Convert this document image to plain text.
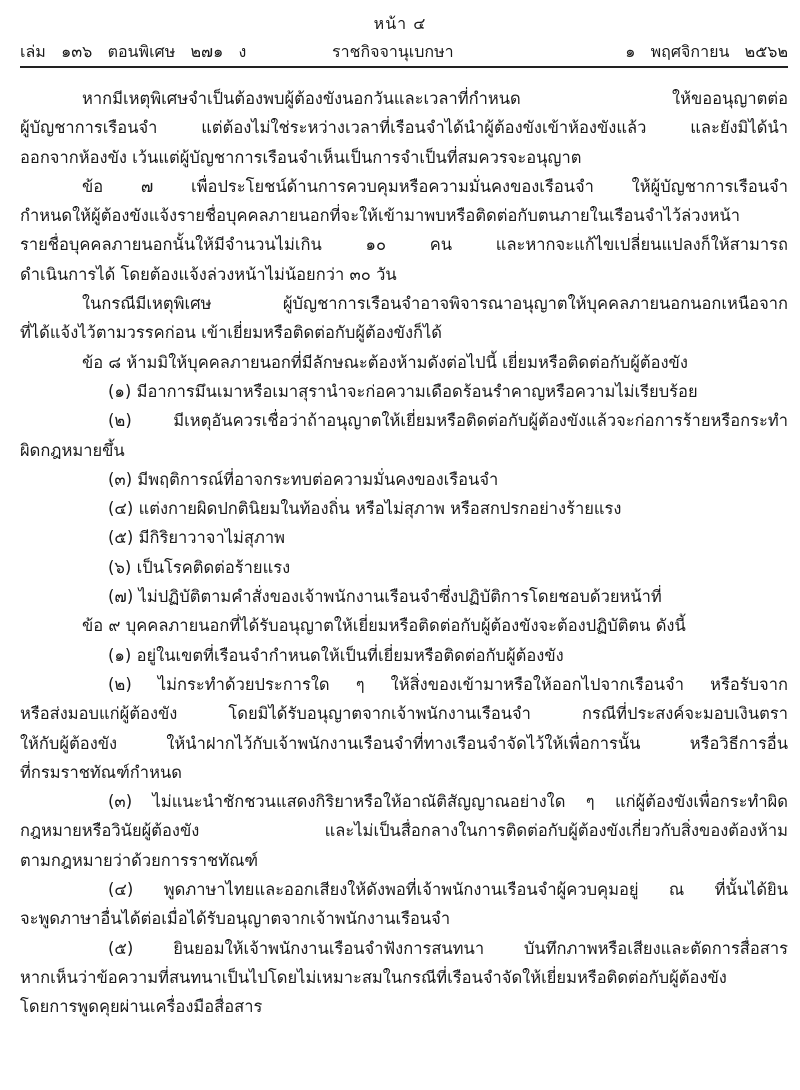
หน้า ๔
เล่ม   ๑๓๖   ตอนพิเศษ   ๒๗๑   ง	ราชกิจจานุเบกษา	๑   พฤศจิกายน   ๒๕๖๒
หากมีเหตุพิเศษจำเป็นต้องพบผู้ต้องขังนอกวันและเวลาที่กำหนด ให้ขออนุญาตต่อ
ผู้บัญชาการเรือนจำ แต่ต้องไม่ใช่ระหว่างเวลาที่เรือนจำได้นำผู้ต้องขังเข้าห้องขังแล้ว และยังมิได้นำ
ออกจากห้องขัง เว้นแต่ผู้บัญชาการเรือนจำเห็นเป็นการจำเป็นที่สมควรจะอนุญาต
ข้อ ๗ เพื่อประโยชน์ด้านการควบคุมหรือความมั่นคงของเรือนจำ ให้ผู้บัญชาการเรือนจำ
กำหนดให้ผู้ต้องขังแจ้งรายชื่อบุคคลภายนอกที่จะให้เข้ามาพบหรือติดต่อกับตนภายในเรือนจำไว้ล่วงหน้า
รายชื่อบุคคลภายนอกนั้นให้มีจำนวนไม่เกิน ๑๐ คน และหากจะแก้ไขเปลี่ยนแปลงก็ให้สามารถ
ดำเนินการได้ โดยต้องแจ้งล่วงหน้าไม่น้อยกว่า ๓๐ วัน
ในกรณีมีเหตุพิเศษ ผู้บัญชาการเรือนจำอาจพิจารณาอนุญาตให้บุคคลภายนอกนอกเหนือจาก
ที่ได้แจ้งไว้ตามวรรคก่อน เข้าเยี่ยมหรือติดต่อกับผู้ต้องขังก็ได้
ข้อ ๘ ห้ามมิให้บุคคลภายนอกที่มีลักษณะต้องห้ามดังต่อไปนี้ เยี่ยมหรือติดต่อกับผู้ต้องขัง
(๑) มีอาการมึนเมาหรือเมาสุรานำจะก่อความเดือดร้อนรำคาญหรือความไม่เรียบร้อย
(๒) มีเหตุอันควรเชื่อว่าถ้าอนุญาตให้เยี่ยมหรือติดต่อกับผู้ต้องขังแล้วจะก่อการร้ายหรือกระทำ
ผิดกฎหมายขึ้น
(๓) มีพฤติการณ์ที่อาจกระทบต่อความมั่นคงของเรือนจำ
(๔) แต่งกายผิดปกตินิยมในท้องถิ่น หรือไม่สุภาพ หรือสกปรกอย่างร้ายแรง
(๕) มีกิริยาวาจาไม่สุภาพ
(๖) เป็นโรคติดต่อร้ายแรง
(๗) ไม่ปฏิบัติตามคำสั่งของเจ้าพนักงานเรือนจำซึ่งปฏิบัติการโดยชอบด้วยหน้าที่
ข้อ ๙ บุคคลภายนอกที่ได้รับอนุญาตให้เยี่ยมหรือติดต่อกับผู้ต้องขังจะต้องปฏิบัติตน ดังนี้
(๑) อยู่ในเขตที่เรือนจำกำหนดให้เป็นที่เยี่ยมหรือติดต่อกับผู้ต้องขัง
(๒) ไม่กระทำด้วยประการใด ๆ ให้สิ่งของเข้ามาหรือให้ออกไปจากเรือนจำ หรือรับจาก
หรือส่งมอบแก่ผู้ต้องขัง โดยมิได้รับอนุญาตจากเจ้าพนักงานเรือนจำ กรณีที่ประสงค์จะมอบเงินตรา
ให้กับผู้ต้องขัง ให้นำฝากไว้กับเจ้าพนักงานเรือนจำที่ทางเรือนจำจัดไว้ให้เพื่อการนั้น หรือวิธีการอื่น
ที่กรมราชทัณฑ์กำหนด
(๓) ไม่แนะนำชักชวนแสดงกิริยาหรือให้อาณัติสัญญาณอย่างใด ๆ แก่ผู้ต้องขังเพื่อกระทำผิด
กฎหมายหรือวินัยผู้ต้องขัง และไม่เป็นสื่อกลางในการติดต่อกับผู้ต้องขังเกี่ยวกับสิ่งของต้องห้าม
ตามกฎหมายว่าด้วยการราชทัณฑ์
(๔) พูดภาษาไทยและออกเสียงให้ดังพอที่เจ้าพนักงานเรือนจำผู้ควบคุมอยู่ ณ ที่นั้นได้ยิน
จะพูดภาษาอื่นได้ต่อเมื่อได้รับอนุญาตจากเจ้าพนักงานเรือนจำ
(๕) ยินยอมให้เจ้าพนักงานเรือนจำฟังการสนทนา บันทึกภาพหรือเสียงและตัดการสื่อสาร
หากเห็นว่าข้อความที่สนทนาเป็นไปโดยไม่เหมาะสมในกรณีที่เรือนจำจัดให้เยี่ยมหรือติดต่อกับผู้ต้องขัง
โดยการพูดคุยผ่านเครื่องมือสื่อสาร
